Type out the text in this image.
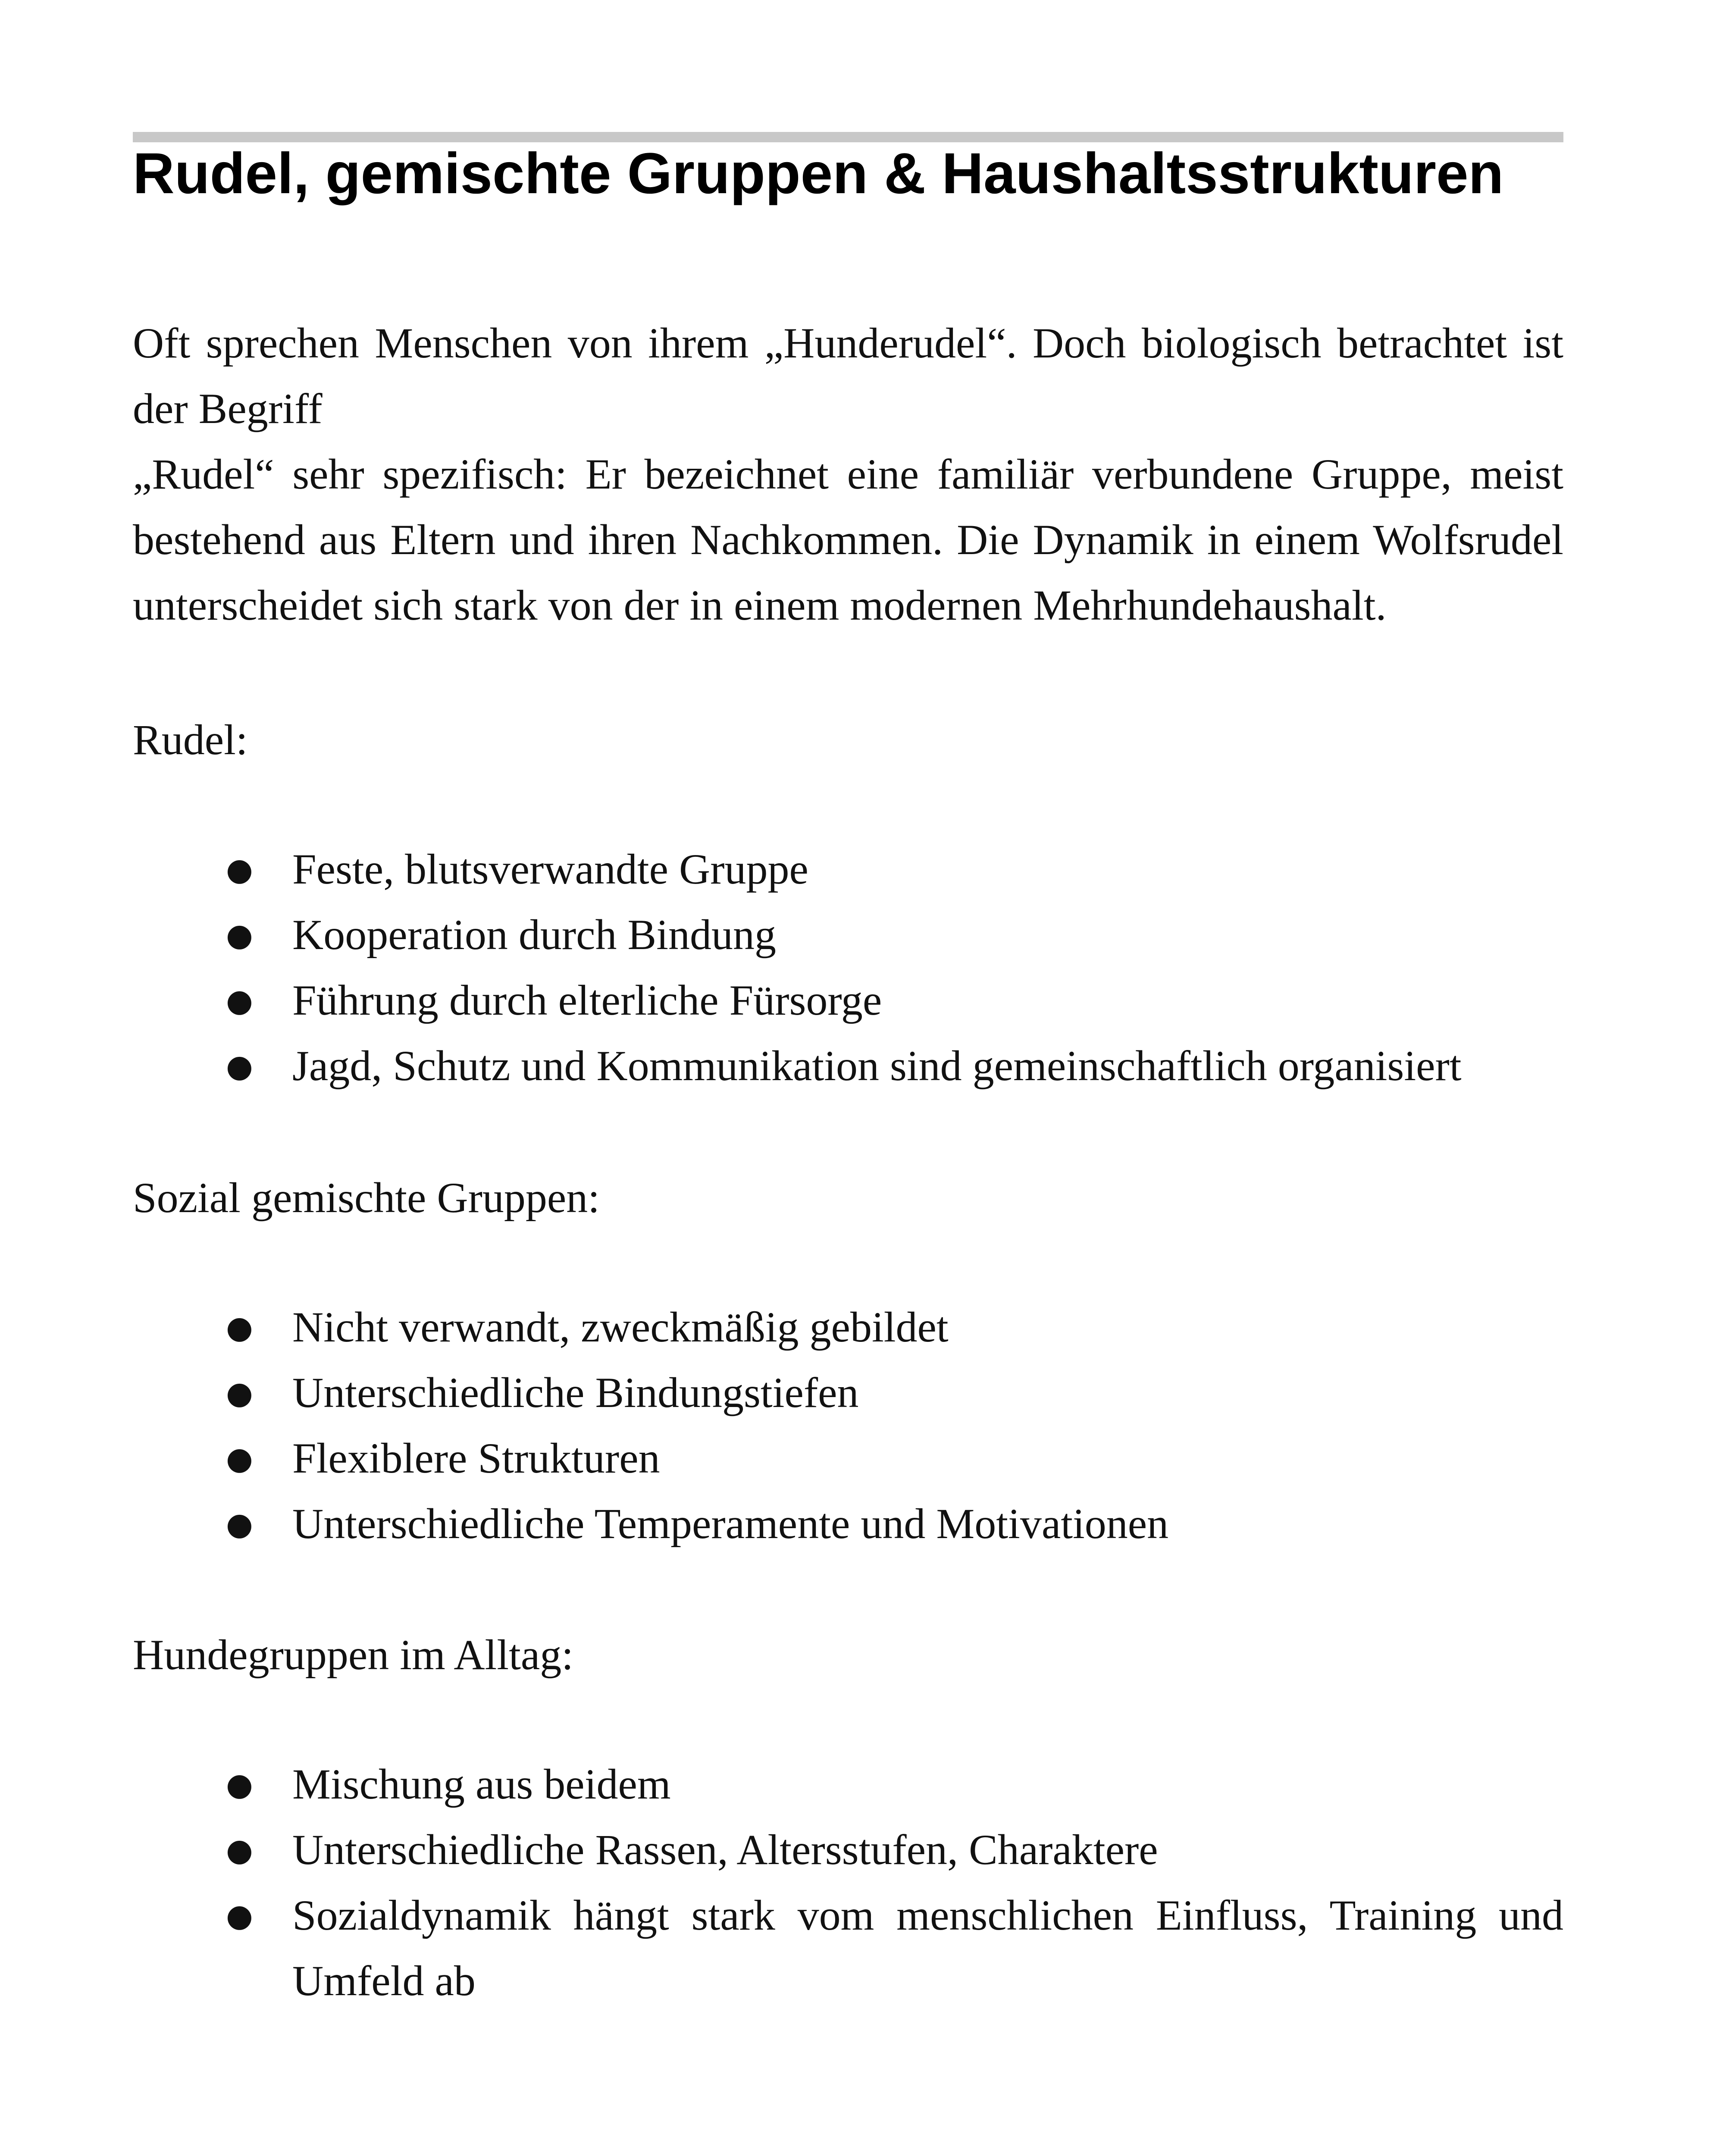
Rudel, gemischte Gruppen & Haushaltsstrukturen
Oft sprechen Menschen von ihrem „Hunderudel“. Doch biologisch betrachtet ist
der Begriff
„Rudel“ sehr spezifisch: Er bezeichnet eine familiär verbundene Gruppe, meist
bestehend aus Eltern und ihren Nachkommen. Die Dynamik in einem Wolfsrudel
unterscheidet sich stark von der in einem modernen Mehrhundehaushalt.

Rudel:

● Feste, blutsverwandte Gruppe
● Kooperation durch Bindung
● Führung durch elterliche Fürsorge
● Jagd, Schutz und Kommunikation sind gemeinschaftlich organisiert

Sozial gemischte Gruppen:

● Nicht verwandt, zweckmäßig gebildet
● Unterschiedliche Bindungstiefen
● Flexiblere Strukturen
● Unterschiedliche Temperamente und Motivationen

Hundegruppen im Alltag:

● Mischung aus beidem
● Unterschiedliche Rassen, Altersstufen, Charaktere
● Sozialdynamik hängt stark vom menschlichen Einfluss, Training und
Umfeld ab
